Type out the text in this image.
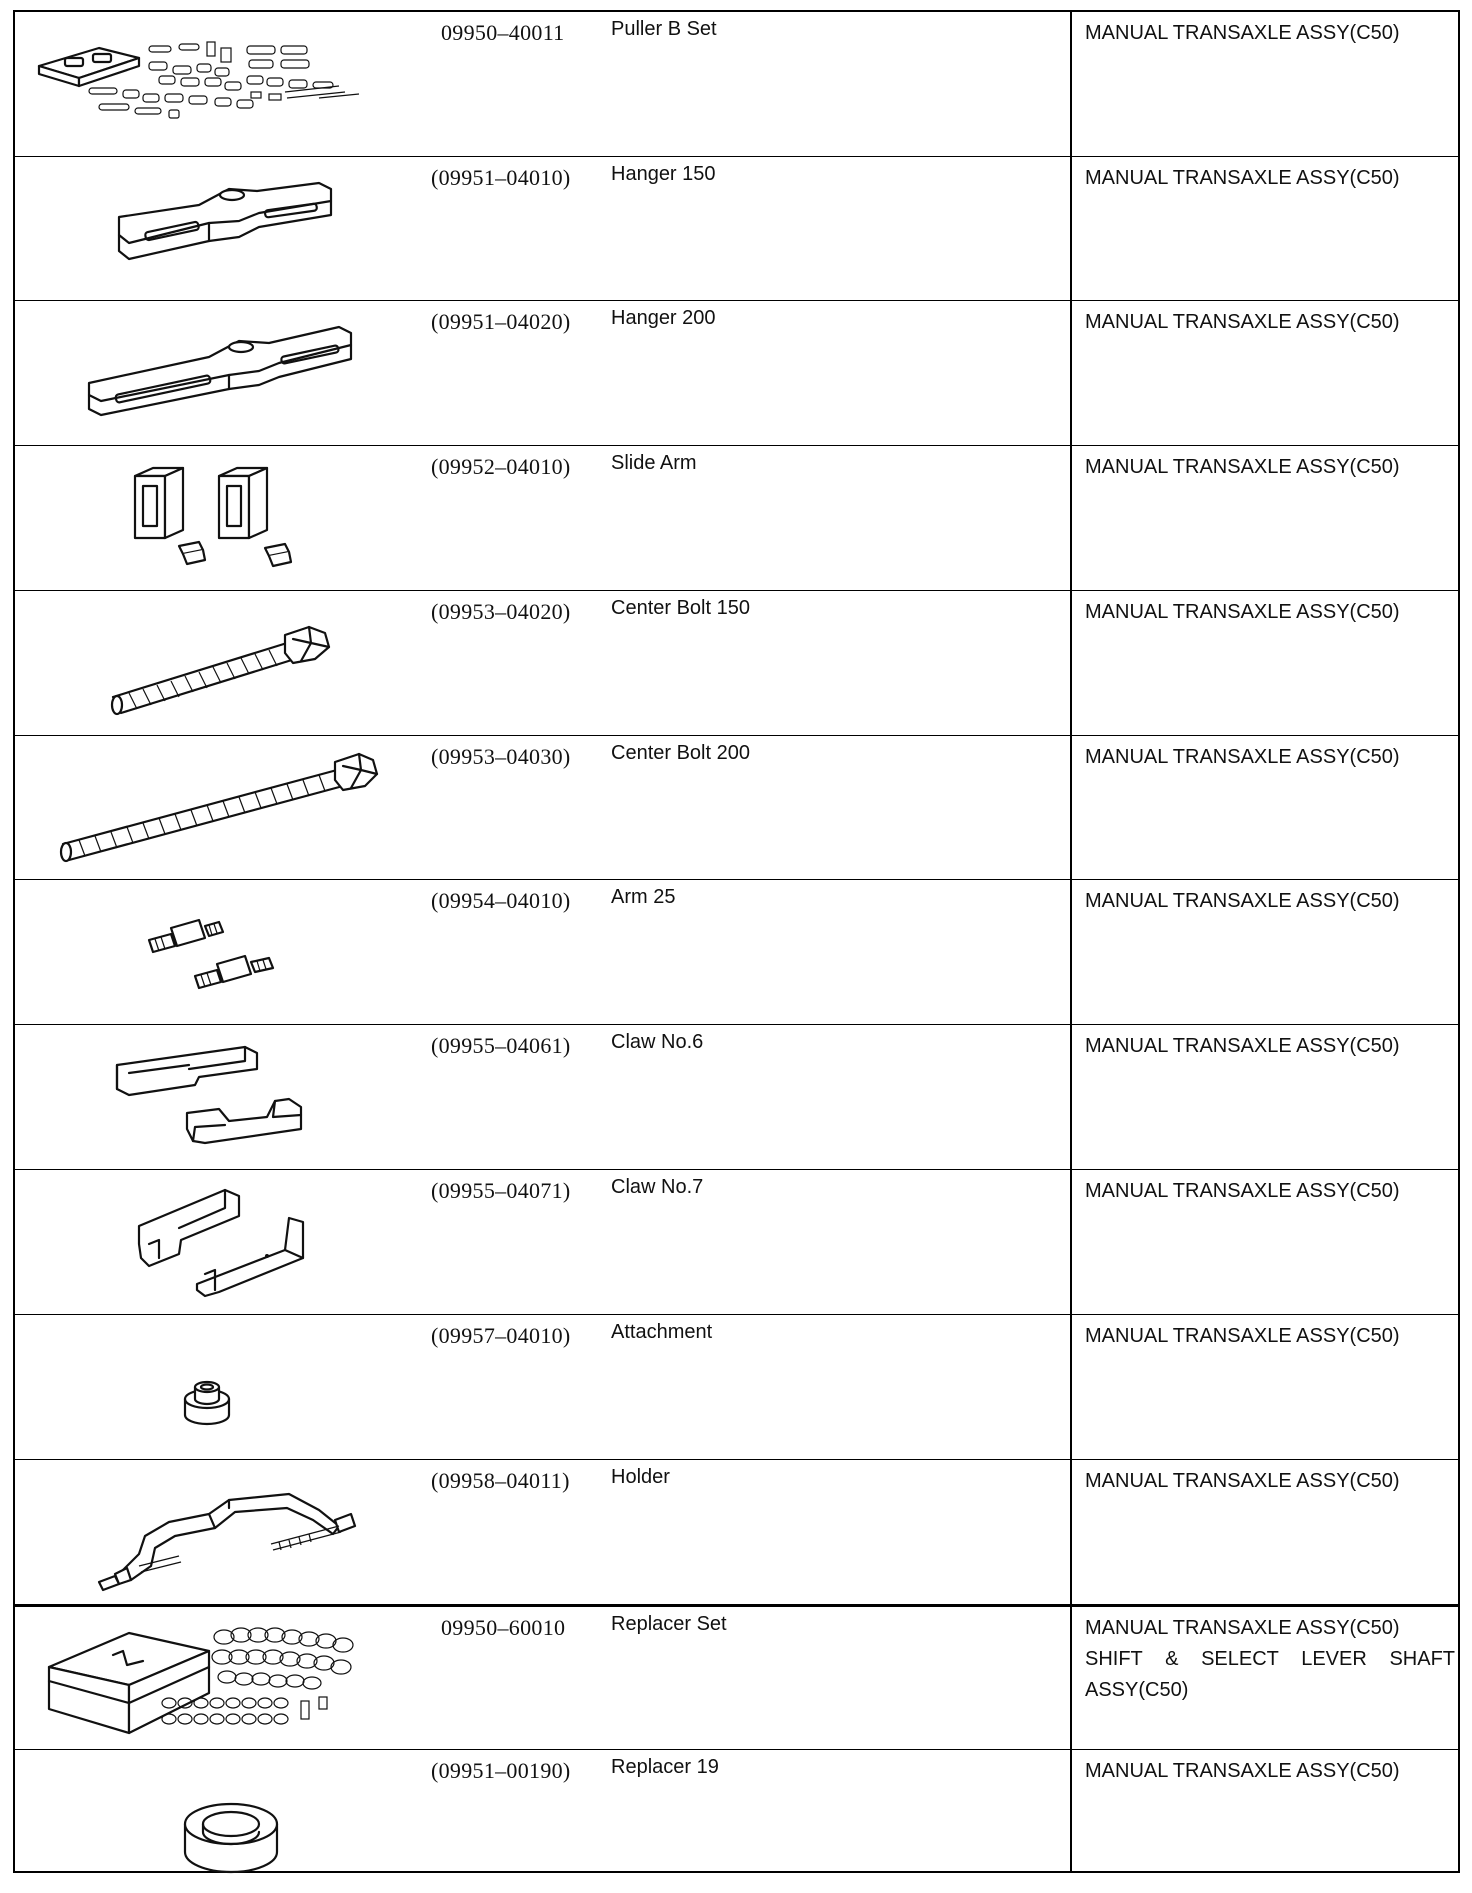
09950–40011 Puller B Set	MANUAL TRANSAXLE ASSY(C50)
(09951–04010) Hanger 150	MANUAL TRANSAXLE ASSY(C50)
(09951–04020) Hanger 200	MANUAL TRANSAXLE ASSY(C50)
(09952–04010) Slide Arm	MANUAL TRANSAXLE ASSY(C50)
(09953–04020) Center Bolt 150	MANUAL TRANSAXLE ASSY(C50)
(09953–04030) Center Bolt 200	MANUAL TRANSAXLE ASSY(C50)
(09954–04010) Arm 25	MANUAL TRANSAXLE ASSY(C50)
(09955–04061) Claw No.6	MANUAL TRANSAXLE ASSY(C50)
(09955–04071) Claw No.7	MANUAL TRANSAXLE ASSY(C50)
(09957–04010) Attachment	MANUAL TRANSAXLE ASSY(C50)
(09958–04011) Holder	MANUAL TRANSAXLE ASSY(C50)
09950–60010 Replacer Set	MANUAL TRANSAXLE ASSY(C50)
SHIFT & SELECT LEVER SHAFT
ASSY(C50)
(09951–00190) Replacer 19	MANUAL TRANSAXLE ASSY(C50)
